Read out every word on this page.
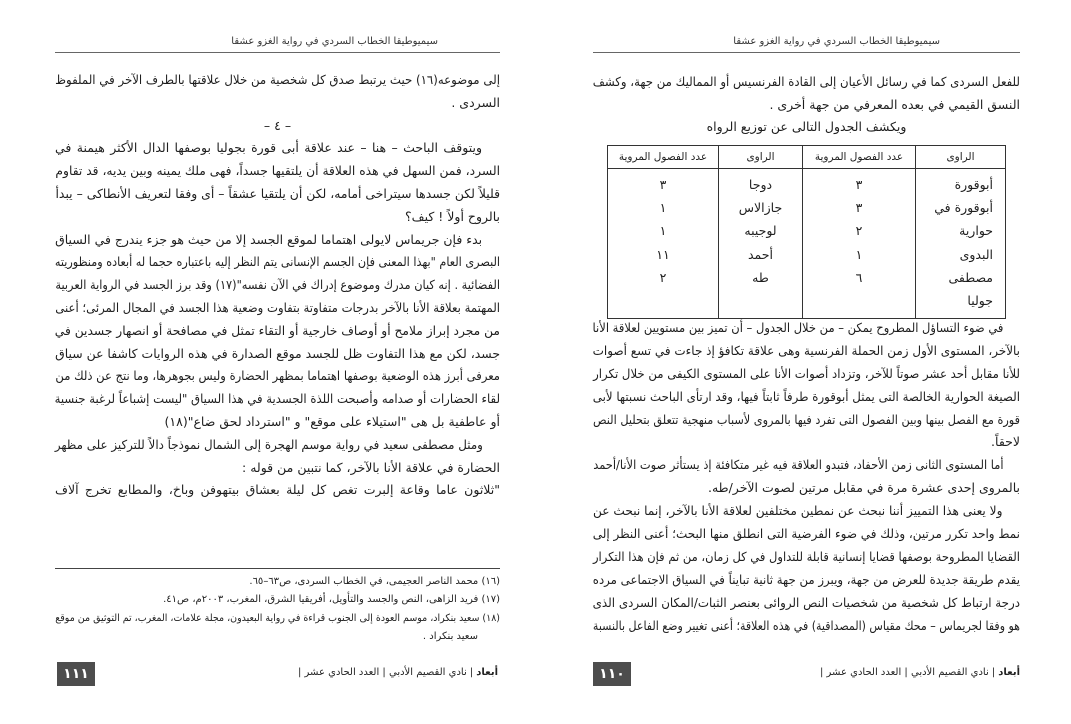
سيميوطيقا الخطاب السردي في رواية الغزو عشقا
إلى موضوعه(١٦) حيث يرتبط صدق كل شخصية من خلال علاقتها بالطرف الآخر في الملفوظ
السردى .
– ٤ –
ويتوقف الباحث – هنا – عند علاقة أبى قورة بجوليا بوصفها الدال الأكثر هيمنة في
السرد، فمن السهل في هذه العلاقة أن يلتقيها جسداً، فهى ملك يمينه وبين يديه، قد تقاوم
قليلاً لكن جسدها سيتراخى أمامه، لكن أن يلتقيا عشقاً – أى وفقا لتعريف الأنطاكى – يبدأ
بالروح أولاً ! كيف؟
بدء فإن جريماس لايولى اهتماما لموقع الجسد إلا من حيث هو جزء يندرج في السياق
البصرى العام "بهذا المعنى فإن الجسم الإنسانى يتم النظر إليه باعتباره حجما له أبعاده ومنظوريته
الفضائية . إنه كيان مدرك وموضوع إدراك في الآن نفسه"(١٧) وقد برز الجسد في الرواية العربية
المهتمة بعلاقة الأنا بالآخر بدرجات متفاوتة بتفاوت وضعية هذا الجسد في المجال المرئى؛ أعنى
من مجرد إبراز ملامح أو أوصاف خارجية أو التقاء تمثل في مصافحة أو انصهار جسدين في
جسد، لكن مع هذا التفاوت ظل للجسد موقع الصدارة في هذه الروايات كاشفا عن سياق
معرفى أبرز هذه الوضعية بوصفها اهتماما بمظهر الحضارة وليس بجوهرها، وما نتج عن ذلك من
لقاء الحضارات أو صدامه وأصبحت اللذة الجسدية في هذا السياق "ليست إشباعاً لرغبة جنسية
أو عاطفية بل هى "استيلاء على موقع" و "استرداد لحق ضاع"(١٨)
ومثل مصطفى سعيد في رواية موسم الهجرة إلى الشمال نموذجاً دالاً للتركيز على مظهر
الحضارة في علاقة الأنا بالآخر، كما نتبين من قوله :
"ثلاثون عاما وقاعة إلبرت تغص كل ليلة بعشاق بيتهوفن وباخ، والمطابع تخرج آلاف
(١٦) محمد الناصر العجيمى، في الخطاب السردى، ص٦٣–٦٥.
(١٧) فريد الزاهى، النص والجسد والتأويل، أفريقيا الشرق، المغرب، ٢٠٠٣م، ص٤١.
(١٨) سعيد بنكراد، موسم العودة إلى الجنوب قراءة في رواية البعيدون، مجلة علامات، المغرب، تم التوثيق من موقع
سعيد بنكراد .
أبعاد| نادي القصيم الأدبي | العدد الحادي عشر |
١١١
سيميوطيقا الخطاب السردي في رواية الغزو عشقا
للفعل السردى كما في رسائل الأعيان إلى القادة الفرنسيس أو المماليك من جهة، وكشف
النسق القيمي في بعده المعرفي من جهة أخرى .
ويكشف الجدول التالى عن توزيع الرواه
الراوى	عدد الفصول المروية	الراوى	عدد الفصول المروية
أبوقورة	٣	دوجا	٣
أبوقورة في	٣	جازالاس	١
حوارية	٢	لوجيبه	١
البدوى	١	أحمد	١١
مصطفى	٦	طه	٢
جوليا			
في ضوء التساؤل المطروح يمكن – من خلال الجدول – أن تميز بين مستويين لعلاقة الأنا
بالآخر، المستوى الأول زمن الحملة الفرنسية وهى علاقة تكافؤ إذ جاءت في تسع أصوات
للأنا مقابل أحد عشر صوتاً للآخر، وتزداد أصوات الأنا على المستوى الكيفى من خلال تكرار
الصيغة الحوارية الخالصة التى يمثل أبوقورة طرفاً ثابتاً فيها، وقد ارتأى الباحث نسبتها لأبى
قورة مع الفصل بينها وبين الفصول التى تفرد فيها بالمروى لأسباب منهجية تتعلق بتحليل النص
لاحقاً.
أما المستوى الثانى زمن الأحفاد، فتبدو العلاقة فيه غير متكافئة إذ يستأثر صوت الأنا/أحمد
بالمروى إحدى عشرة مرة في مقابل مرتين لصوت الآخر/طه.
ولا يعنى هذا التمييز أننا نبحث عن نمطين مختلفين لعلاقة الأنا بالآخر، إنما نبحث عن
نمط واحد تكرر مرتين، وذلك في ضوء الفرضية التى انطلق منها البحث؛ أعنى النظر إلى
القضايا المطروحة بوصفها قضايا إنسانية قابلة للتداول في كل زمان، من ثم فإن هذا التكرار
يقدم طريقة جديدة للعرض من جهة، ويبرز من جهة ثانية تبايناً في السياق الاجتماعى مرده
درجة ارتباط كل شخصية من شخصيات النص الروائى بعنصر الثبات/المكان السردى الذى
هو وفقا لجريماس – محك مقياس (المصداقية) في هذه العلاقة؛ أعنى تغيير وضع الفاعل بالنسبة
أبعاد| نادي القصيم الأدبي | العدد الحادي عشر |
١١٠
